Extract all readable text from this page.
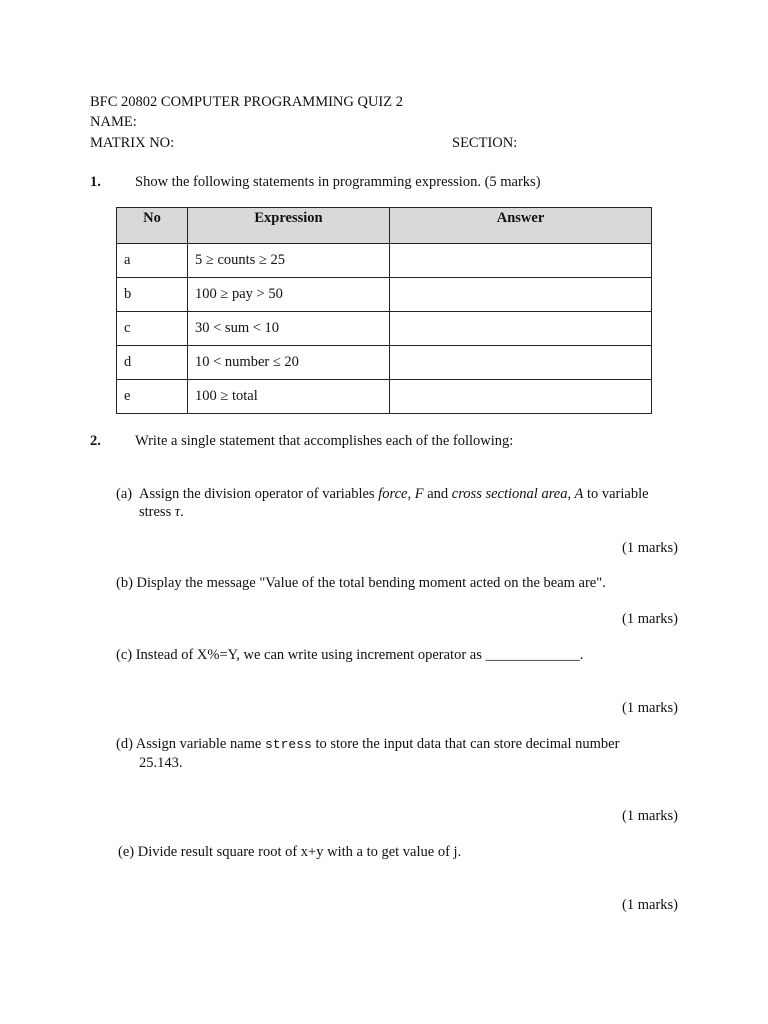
BFC 20802 COMPUTER PROGRAMMING QUIZ 2
NAME:
MATRIX NO:	SECTION:
1. Show the following statements in programming expression. (5 marks)
No	Expression	Answer
a	5 ≥ counts ≥ 25	
b	100 ≥ pay > 50	
c	30 < sum < 10	
d	10 < number ≤ 20	
e	100 ≥ total	
2. Write a single statement that accomplishes each of the following:
(a) Assign the division operator of variables force, F and cross sectional area, A to variable
stress τ.
(1 marks)
(b) Display the message "Value of the total bending moment acted on the beam are".
(1 marks)
(c) Instead of X%=Y, we can write using increment operator as _____________.
(1 marks)
(d) Assign variable name stress to store the input data that can store decimal number
25.143.
(1 marks)
(e) Divide result square root of x+y with a to get value of j.
(1 marks)
